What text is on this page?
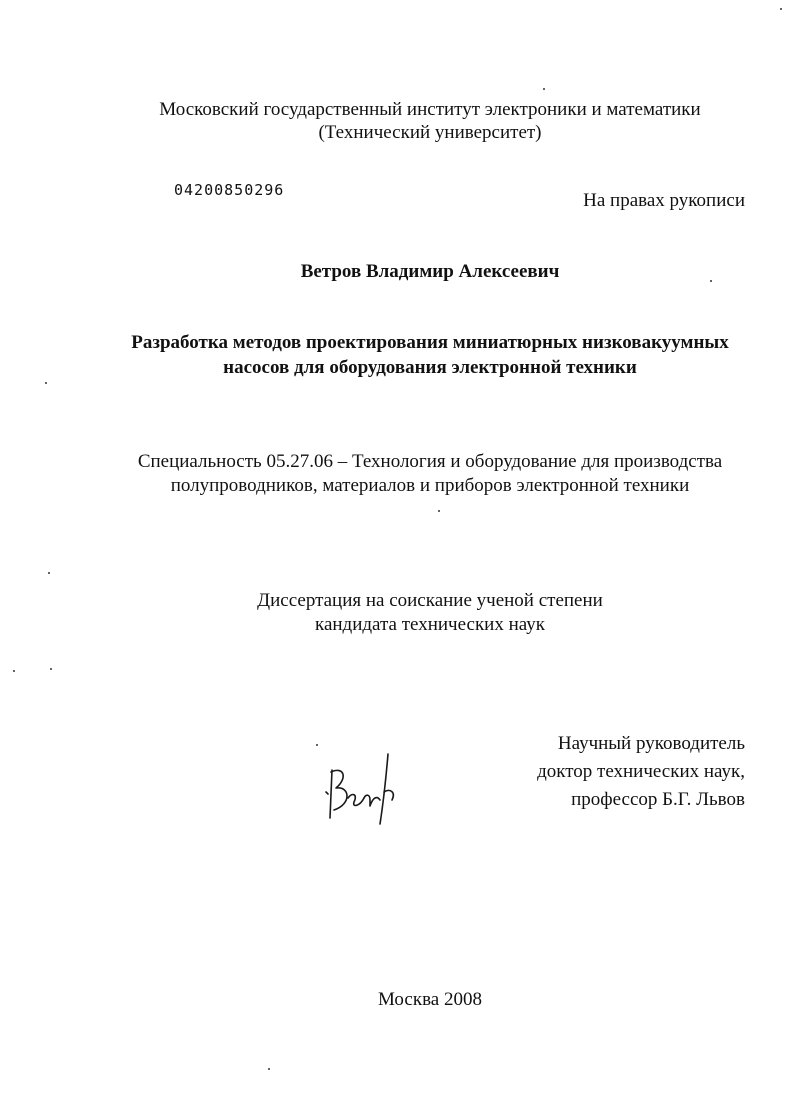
Московский государственный институт электроники и математики
(Технический университет)
04200850296	На правах рукописи
Ветров Владимир Алексеевич
Разработка методов проектирования миниатюрных низковакуумных
насосов для оборудования электронной техники
Специальность 05.27.06 – Технология и оборудование для производства
полупроводников, материалов и приборов электронной техники
Диссертация на соискание ученой степени
кандидата технических наук
Научный руководитель
доктор технических наук,
профессор Б.Г. Львов
Москва 2008
